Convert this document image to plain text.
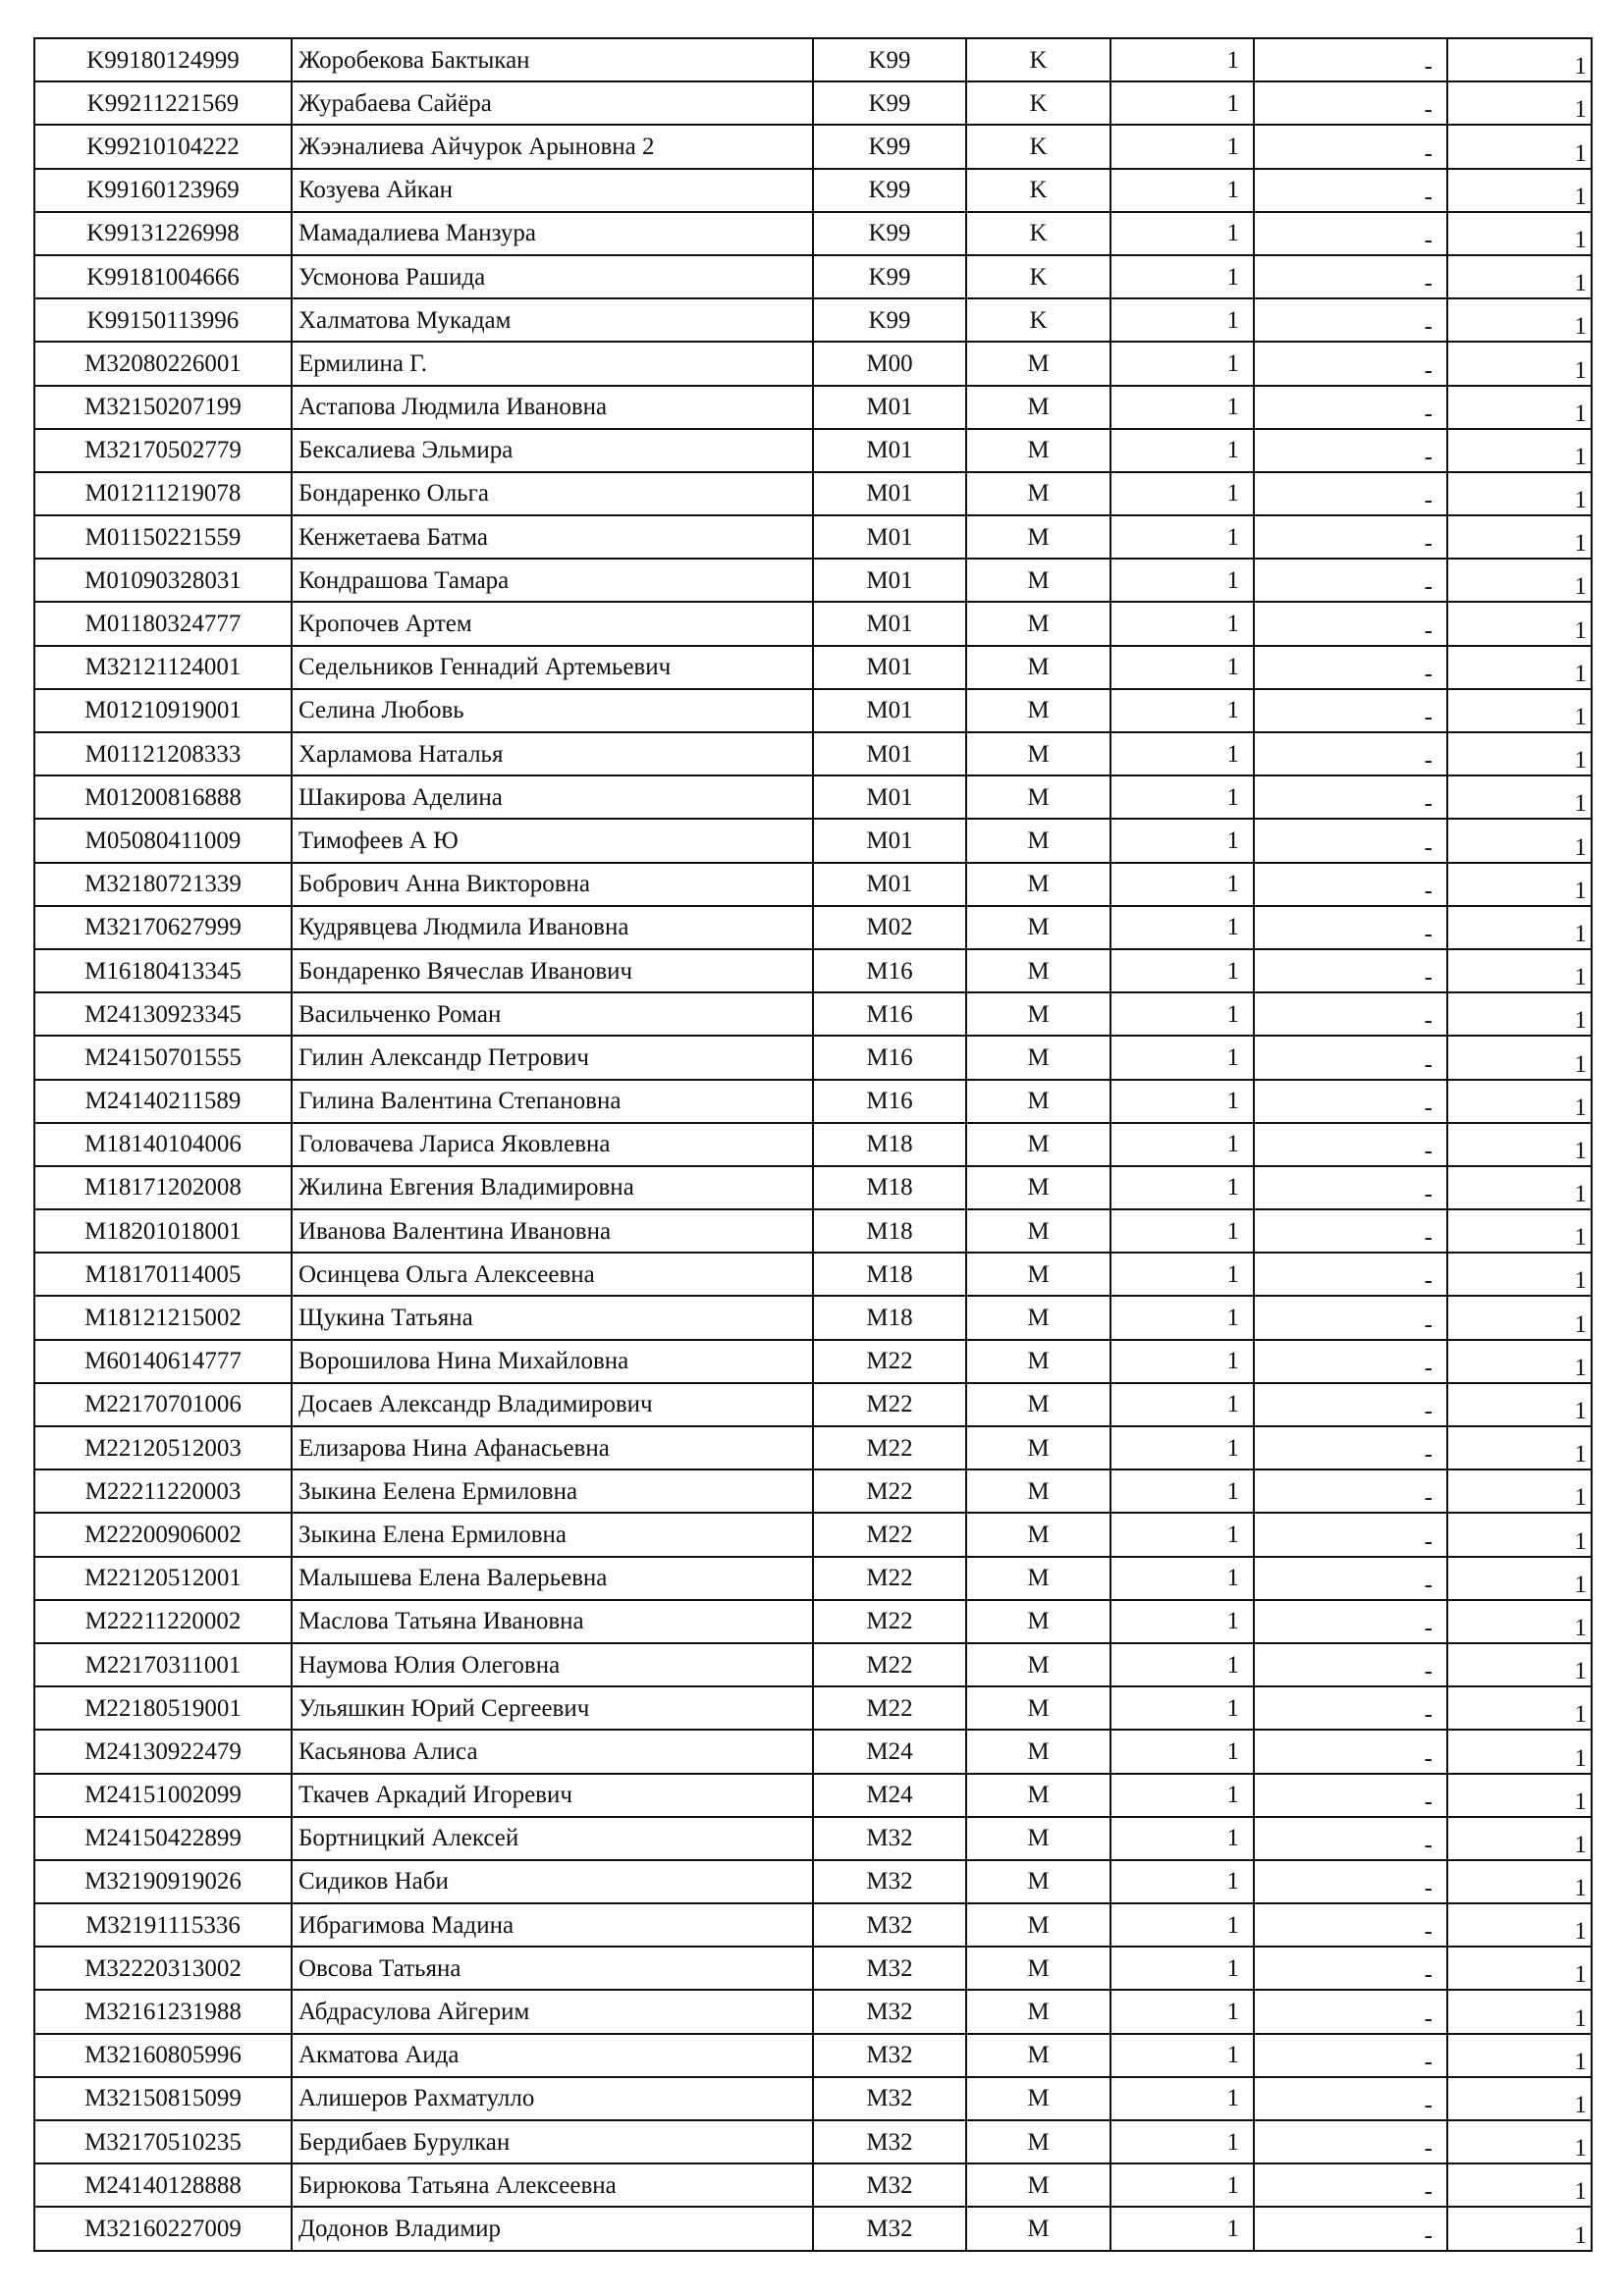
K99180124999	Жоробекова Бактыкан	K99	K	1	-	1
K99211221569	Журабаева Сайёра	K99	K	1	-	1
K99210104222	Жээналиева Айчурок Арыновна 2	K99	K	1	-	1
K99160123969	Козуева Айкан	K99	K	1	-	1
K99131226998	Мамадалиева Манзура	K99	K	1	-	1
K99181004666	Усмонова Рашида	K99	K	1	-	1
K99150113996	Халматова Мукадам	K99	K	1	-	1
M32080226001	Ермилина Г.	M00	M	1	-	1
M32150207199	Астапова Людмила Ивановна	M01	M	1	-	1
M32170502779	Бексалиева Эльмира	M01	M	1	-	1
M01211219078	Бондаренко Ольга	M01	M	1	-	1
M01150221559	Кенжетаева Батма	M01	M	1	-	1
M01090328031	Кондрашова Тамара	M01	M	1	-	1
M01180324777	Кропочев Артем	M01	M	1	-	1
M32121124001	Седельников Геннадий Артемьевич	M01	M	1	-	1
M01210919001	Селина Любовь	M01	M	1	-	1
M01121208333	Харламова Наталья	M01	M	1	-	1
M01200816888	Шакирова Аделина	M01	M	1	-	1
M05080411009	Тимофеев А Ю	M01	M	1	-	1
M32180721339	Бобрович Анна Викторовна	M01	M	1	-	1
M32170627999	Кудрявцева Людмила Ивановна	M02	M	1	-	1
M16180413345	Бондаренко Вячеслав Иванович	M16	M	1	-	1
M24130923345	Васильченко Роман	M16	M	1	-	1
M24150701555	Гилин Александр Петрович	M16	M	1	-	1
M24140211589	Гилина Валентина Степановна	M16	M	1	-	1
M18140104006	Головачева Лариса Яковлевна	M18	M	1	-	1
M18171202008	Жилина Евгения Владимировна	M18	M	1	-	1
M18201018001	Иванова Валентина Ивановна	M18	M	1	-	1
M18170114005	Осинцева Ольга Алексеевна	M18	M	1	-	1
M18121215002	Щукина Татьяна	M18	M	1	-	1
M60140614777	Ворошилова Нина Михайловна	M22	M	1	-	1
M22170701006	Досаев Александр Владимирович	M22	M	1	-	1
M22120512003	Елизарова Нина Афанасьевна	M22	M	1	-	1
M22211220003	Зыкина Еелена Ермиловна	M22	M	1	-	1
M22200906002	Зыкина Елена Ермиловна	M22	M	1	-	1
M22120512001	Малышева Елена Валерьевна	M22	M	1	-	1
M22211220002	Маслова Татьяна Ивановна	M22	M	1	-	1
M22170311001	Наумова Юлия Олеговна	M22	M	1	-	1
M22180519001	Ульяшкин Юрий Сергеевич	M22	M	1	-	1
M24130922479	Касьянова Алиса	M24	M	1	-	1
M24151002099	Ткачев Аркадий Игоревич	M24	M	1	-	1
M24150422899	Бортницкий Алексей	M32	M	1	-	1
M32190919026	Сидиков Наби	M32	M	1	-	1
M32191115336	Ибрагимова Мадина	M32	M	1	-	1
M32220313002	Овсова Татьяна	M32	M	1	-	1
M32161231988	Абдрасулова Айгерим	M32	M	1	-	1
M32160805996	Акматова Аида	M32	M	1	-	1
M32150815099	Алишеров Рахматулло	M32	M	1	-	1
M32170510235	Бердибаев Бурулкан	M32	M	1	-	1
M24140128888	Бирюкова Татьяна Алексеевна	M32	M	1	-	1
M32160227009	Додонов Владимир	M32	M	1	-	1
